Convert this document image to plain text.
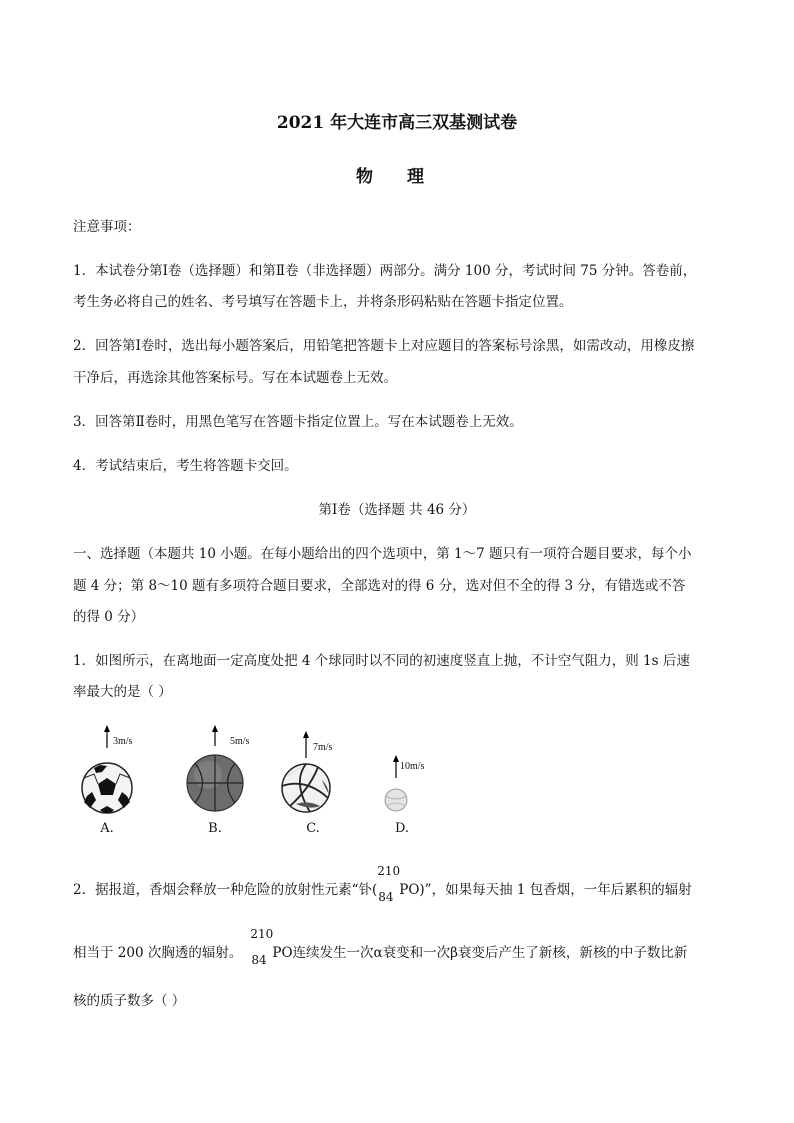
2021 年大连市高三双基测试卷
物 理
注意事项：
1．本试卷分第Ⅰ卷（选择题）和第Ⅱ卷（非选择题）两部分。满分 100 分，考试时间 75 分钟。答卷前，
考生务必将自己的姓名、考号填写在答题卡上，并将条形码粘贴在答题卡指定位置。
2．回答第Ⅰ卷时，选出每小题答案后，用铅笔把答题卡上对应题目的答案标号涂黑，如需改动，用橡皮擦
干净后，再选涂其他答案标号。写在本试题卷上无效。
3．回答第Ⅱ卷时，用黑色笔写在答题卡指定位置上。写在本试题卷上无效。
4．考试结束后，考生将答题卡交回。
第Ⅰ卷（选择题 共 46 分）
一、选择题（本题共 10 小题。在每小题给出的四个选项中，第 1～7 题只有一项符合题目要求，每个小
题 4 分；第 8～10 题有多项符合题目要求，全部选对的得 6 分，选对但不全的得 3 分，有错选或不答
的得 0 分）
1．如图所示，在离地面一定高度处把 4 个球同时以不同的初速度竖直上抛，不计空气阻力，则 1s 后速
率最大的是（ ）
3m/s	5m/s
7m/s
10m/s
A.	B.	C.	D.
2．据报道，香烟会释放一种危险的放射性元素“钋(
210
84 PO)”，如果每天抽 1 包香烟，一年后累积的辐射
相当于 200 次胸透的辐射。
210
84 PO连续发生一次α衰变和一次β衰变后产生了新核，新核的中子数比新
核的质子数多（ ）
